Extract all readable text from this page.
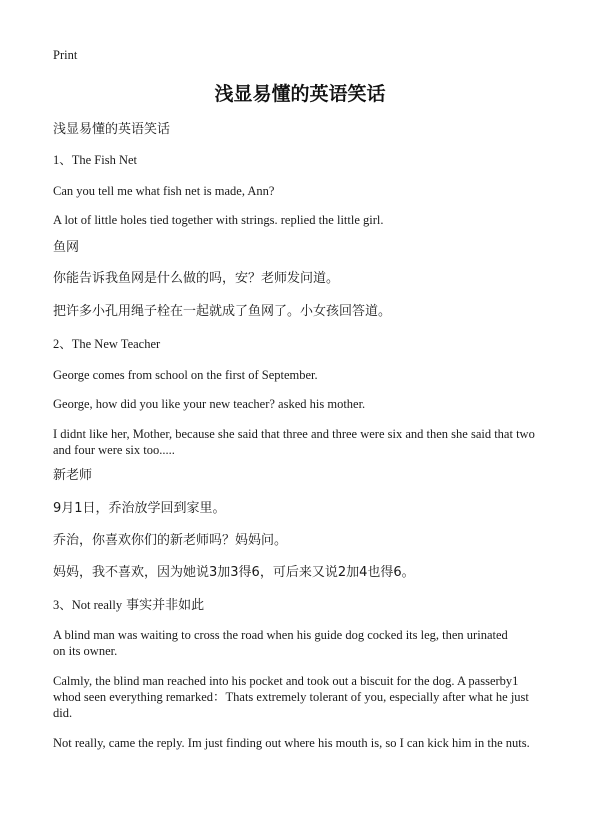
Print
浅显易懂的英语笑话

浅显易懂的英语笑话

1、The Fish Net

Can you tell me what fish net is made, Ann?

A lot of little holes tied together with strings. replied the little girl.

鱼网

你能告诉我鱼网是什么做的吗，安？老师发问道。

把许多小孔用绳子栓在一起就成了鱼网了。小女孩回答道。

2、The New Teacher

George comes from school on the first of September.

George, how did you like your new teacher? asked his mother.

I didnt like her, Mother, because she said that three and three were six and then she said that two and four were six too.....

新老师

9月1日，乔治放学回到家里。

乔治，你喜欢你们的新老师吗？妈妈问。

妈妈，我不喜欢，因为她说3加3得6，可后来又说2加4也得6。

3、Not really 事实并非如此

A blind man was waiting to cross the road when his guide dog cocked its leg, then urinated on its owner.

Calmly, the blind man reached into his pocket and took out a biscuit for the dog. A passerby1 whod seen everything remarked：Thats extremely tolerant of you, especially after what he just did.

Not really, came the reply. Im just finding out where his mouth is, so I can kick him in the nuts.
